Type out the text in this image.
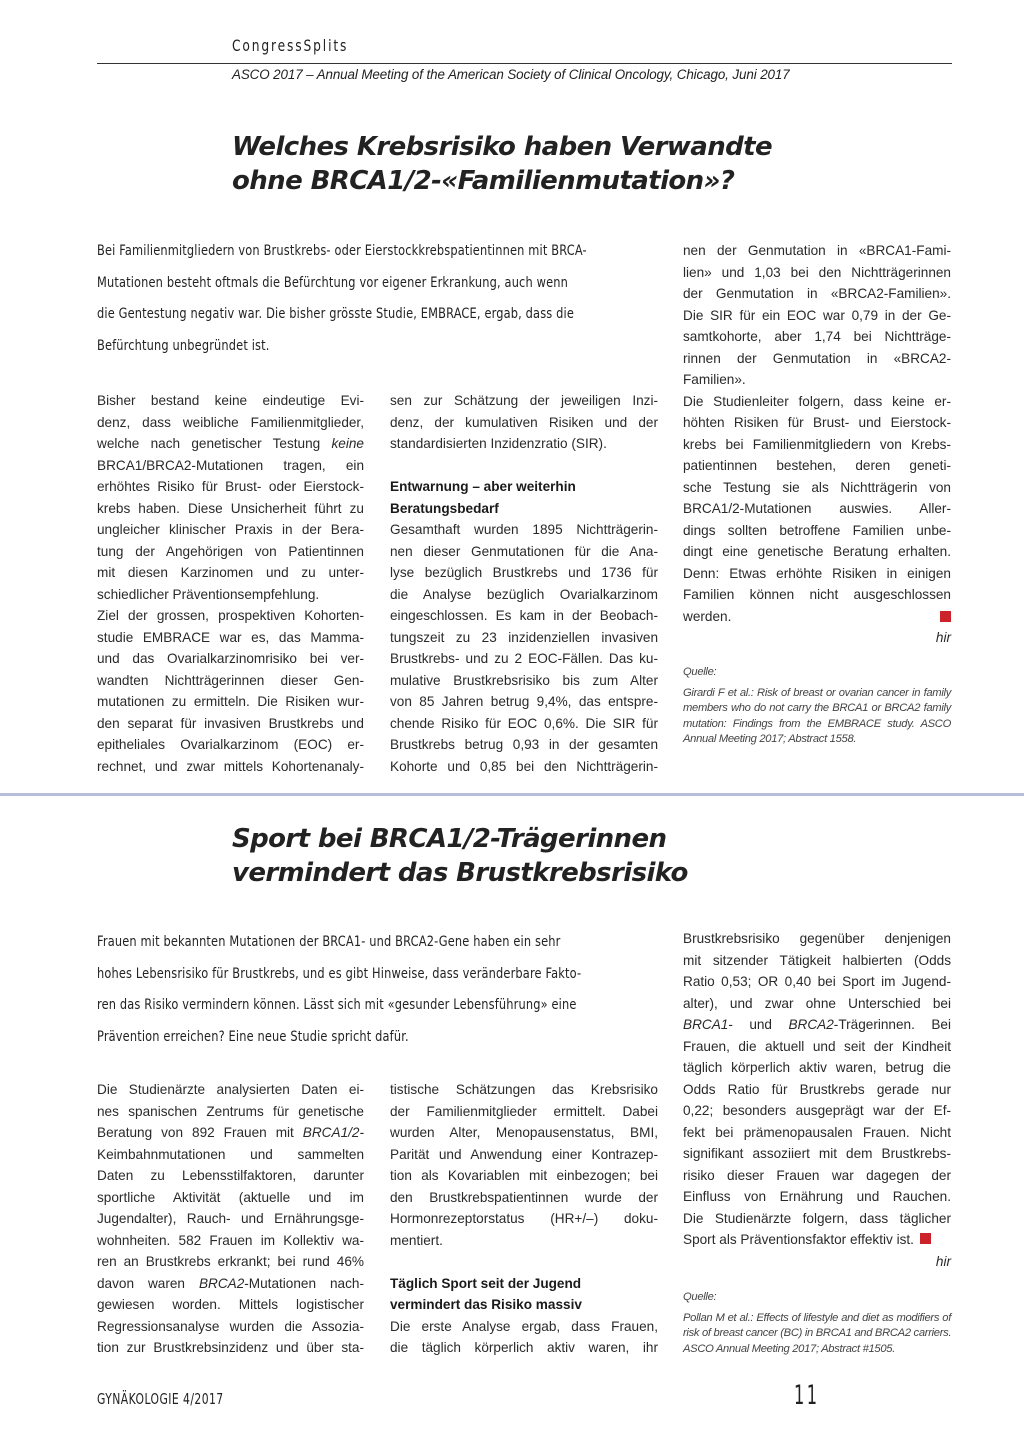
CongressSplits
ASCO 2017 – Annual Meeting of the American Society of Clinical Oncology, Chicago, Juni 2017
Welches Krebsrisiko haben Verwandte
ohne BRCA1/2-«Familienmutation»?
Bei Familienmitgliedern von Brustkrebs- oder Eierstockkrebspatientinnen mit BRCA-
Mutationen besteht oftmals die Befürchtung vor eigener Erkrankung, auch wenn
die Gentestung negativ war. Die bisher grösste Studie, EMBRACE, ergab, dass die
Befürchtung unbegründet ist.
Bisher bestand keine eindeutige Evi-
denz, dass weibliche Familienmitglieder,
welche nach genetischer Testung keine
BRCA1/BRCA2-Mutationen tragen, ein
erhöhtes Risiko für Brust- oder Eierstock-
krebs haben. Diese Unsicherheit führt zu
ungleicher klinischer Praxis in der Bera-
tung der Angehörigen von Patientinnen
mit diesen Karzinomen und zu unter-
schiedlicher Präventionsempfehlung.
Ziel der grossen, prospektiven Kohorten-
studie EMBRACE war es, das Mamma-
und das Ovarialkarzinomrisiko bei ver-
wandten Nichtträgerinnen dieser Gen-
mutationen zu ermitteln. Die Risiken wur-
den separat für invasiven Brustkrebs und
epitheliales Ovarialkarzinom (EOC) er-
rechnet, und zwar mittels Kohortenanaly-
sen zur Schätzung der jeweiligen Inzi-
denz, der kumulativen Risiken und der
standardisierten Inzidenzratio (SIR).
Entwarnung – aber weiterhin
Beratungsbedarf
Gesamthaft wurden 1895 Nichtträgerin-
nen dieser Genmutationen für die Ana-
lyse bezüglich Brustkrebs und 1736 für
die Analyse bezüglich Ovarialkarzinom
eingeschlossen. Es kam in der Beobach-
tungszeit zu 23 inzidenziellen invasiven
Brustkrebs- und zu 2 EOC-Fällen. Das ku-
mulative Brustkrebsrisiko bis zum Alter
von 85 Jahren betrug 9,4%, das entspre-
chende Risiko für EOC 0,6%. Die SIR für
Brustkrebs betrug 0,93 in der gesamten
Kohorte und 0,85 bei den Nichtträgerin-
nen der Genmutation in «BRCA1-Fami-
lien» und 1,03 bei den Nichtträgerinnen
der Genmutation in «BRCA2-Familien».
Die SIR für ein EOC war 0,79 in der Ge-
samtkohorte, aber 1,74 bei Nichtträge-
rinnen der Genmutation in «BRCA2-
Familien».
Die Studienleiter folgern, dass keine er-
höhten Risiken für Brust- und Eierstock-
krebs bei Familienmitgliedern von Krebs-
patientinnen bestehen, deren geneti-
sche Testung sie als Nichtträgerin von
BRCA1/2-Mutationen auswies. Aller-
dings sollten betroffene Familien unbe-
dingt eine genetische Beratung erhalten.
Denn: Etwas erhöhte Risiken in einigen
Familien können nicht ausgeschlossen
werden.
hir
Quelle:
Girardi F et al.: Risk of breast or ovarian cancer in family
members who do not carry the BRCA1 or BRCA2 family
mutation: Findings from the EMBRACE study. ASCO
Annual Meeting 2017; Abstract 1558.
Sport bei BRCA1/2-Trägerinnen
vermindert das Brustkrebsrisiko
Frauen mit bekannten Mutationen der BRCA1- und BRCA2-Gene haben ein sehr
hohes Lebensrisiko für Brustkrebs, und es gibt Hinweise, dass veränderbare Fakto-
ren das Risiko vermindern können. Lässt sich mit «gesunder Lebensführung» eine
Prävention erreichen? Eine neue Studie spricht dafür.
Die Studienärzte analysierten Daten ei-
nes spanischen Zentrums für genetische
Beratung von 892 Frauen mit BRCA1/2-
Keimbahnmutationen und sammelten
Daten zu Lebensstilfaktoren, darunter
sportliche Aktivität (aktuelle und im
Jugendalter), Rauch- und Ernährungsge-
wohnheiten. 582 Frauen im Kollektiv wa-
ren an Brustkrebs erkrankt; bei rund 46%
davon waren BRCA2-Mutationen nach-
gewiesen worden. Mittels logistischer
Regressionsanalyse wurden die Assozia-
tion zur Brustkrebsinzidenz und über sta-
tistische Schätzungen das Krebsrisiko
der Familienmitglieder ermittelt. Dabei
wurden Alter, Menopausenstatus, BMI,
Parität und Anwendung einer Kontrazep-
tion als Kovariablen mit einbezogen; bei
den Brustkrebspatientinnen wurde der
Hormonrezeptorstatus (HR+/–) doku-
mentiert.
Täglich Sport seit der Jugend
vermindert das Risiko massiv
Die erste Analyse ergab, dass Frauen,
die täglich körperlich aktiv waren, ihr
Brustkrebsrisiko gegenüber denjenigen
mit sitzender Tätigkeit halbierten (Odds
Ratio 0,53; OR 0,40 bei Sport im Jugend-
alter), und zwar ohne Unterschied bei
BRCA1- und BRCA2-Trägerinnen. Bei
Frauen, die aktuell und seit der Kindheit
täglich körperlich aktiv waren, betrug die
Odds Ratio für Brustkrebs gerade nur
0,22; besonders ausgeprägt war der Ef-
fekt bei prämenopausalen Frauen. Nicht
signifikant assoziiert mit dem Brustkrebs-
risiko dieser Frauen war dagegen der
Einfluss von Ernährung und Rauchen.
Die Studienärzte folgern, dass täglicher
Sport als Präventionsfaktor effektiv ist.
hir
Quelle:
Pollan M et al.: Effects of lifestyle and diet as modifiers of
risk of breast cancer (BC) in BRCA1 and BRCA2 carriers.
ASCO Annual Meeting 2017; Abstract #1505.
GYNÄKOLOGIE 4/2017	11
